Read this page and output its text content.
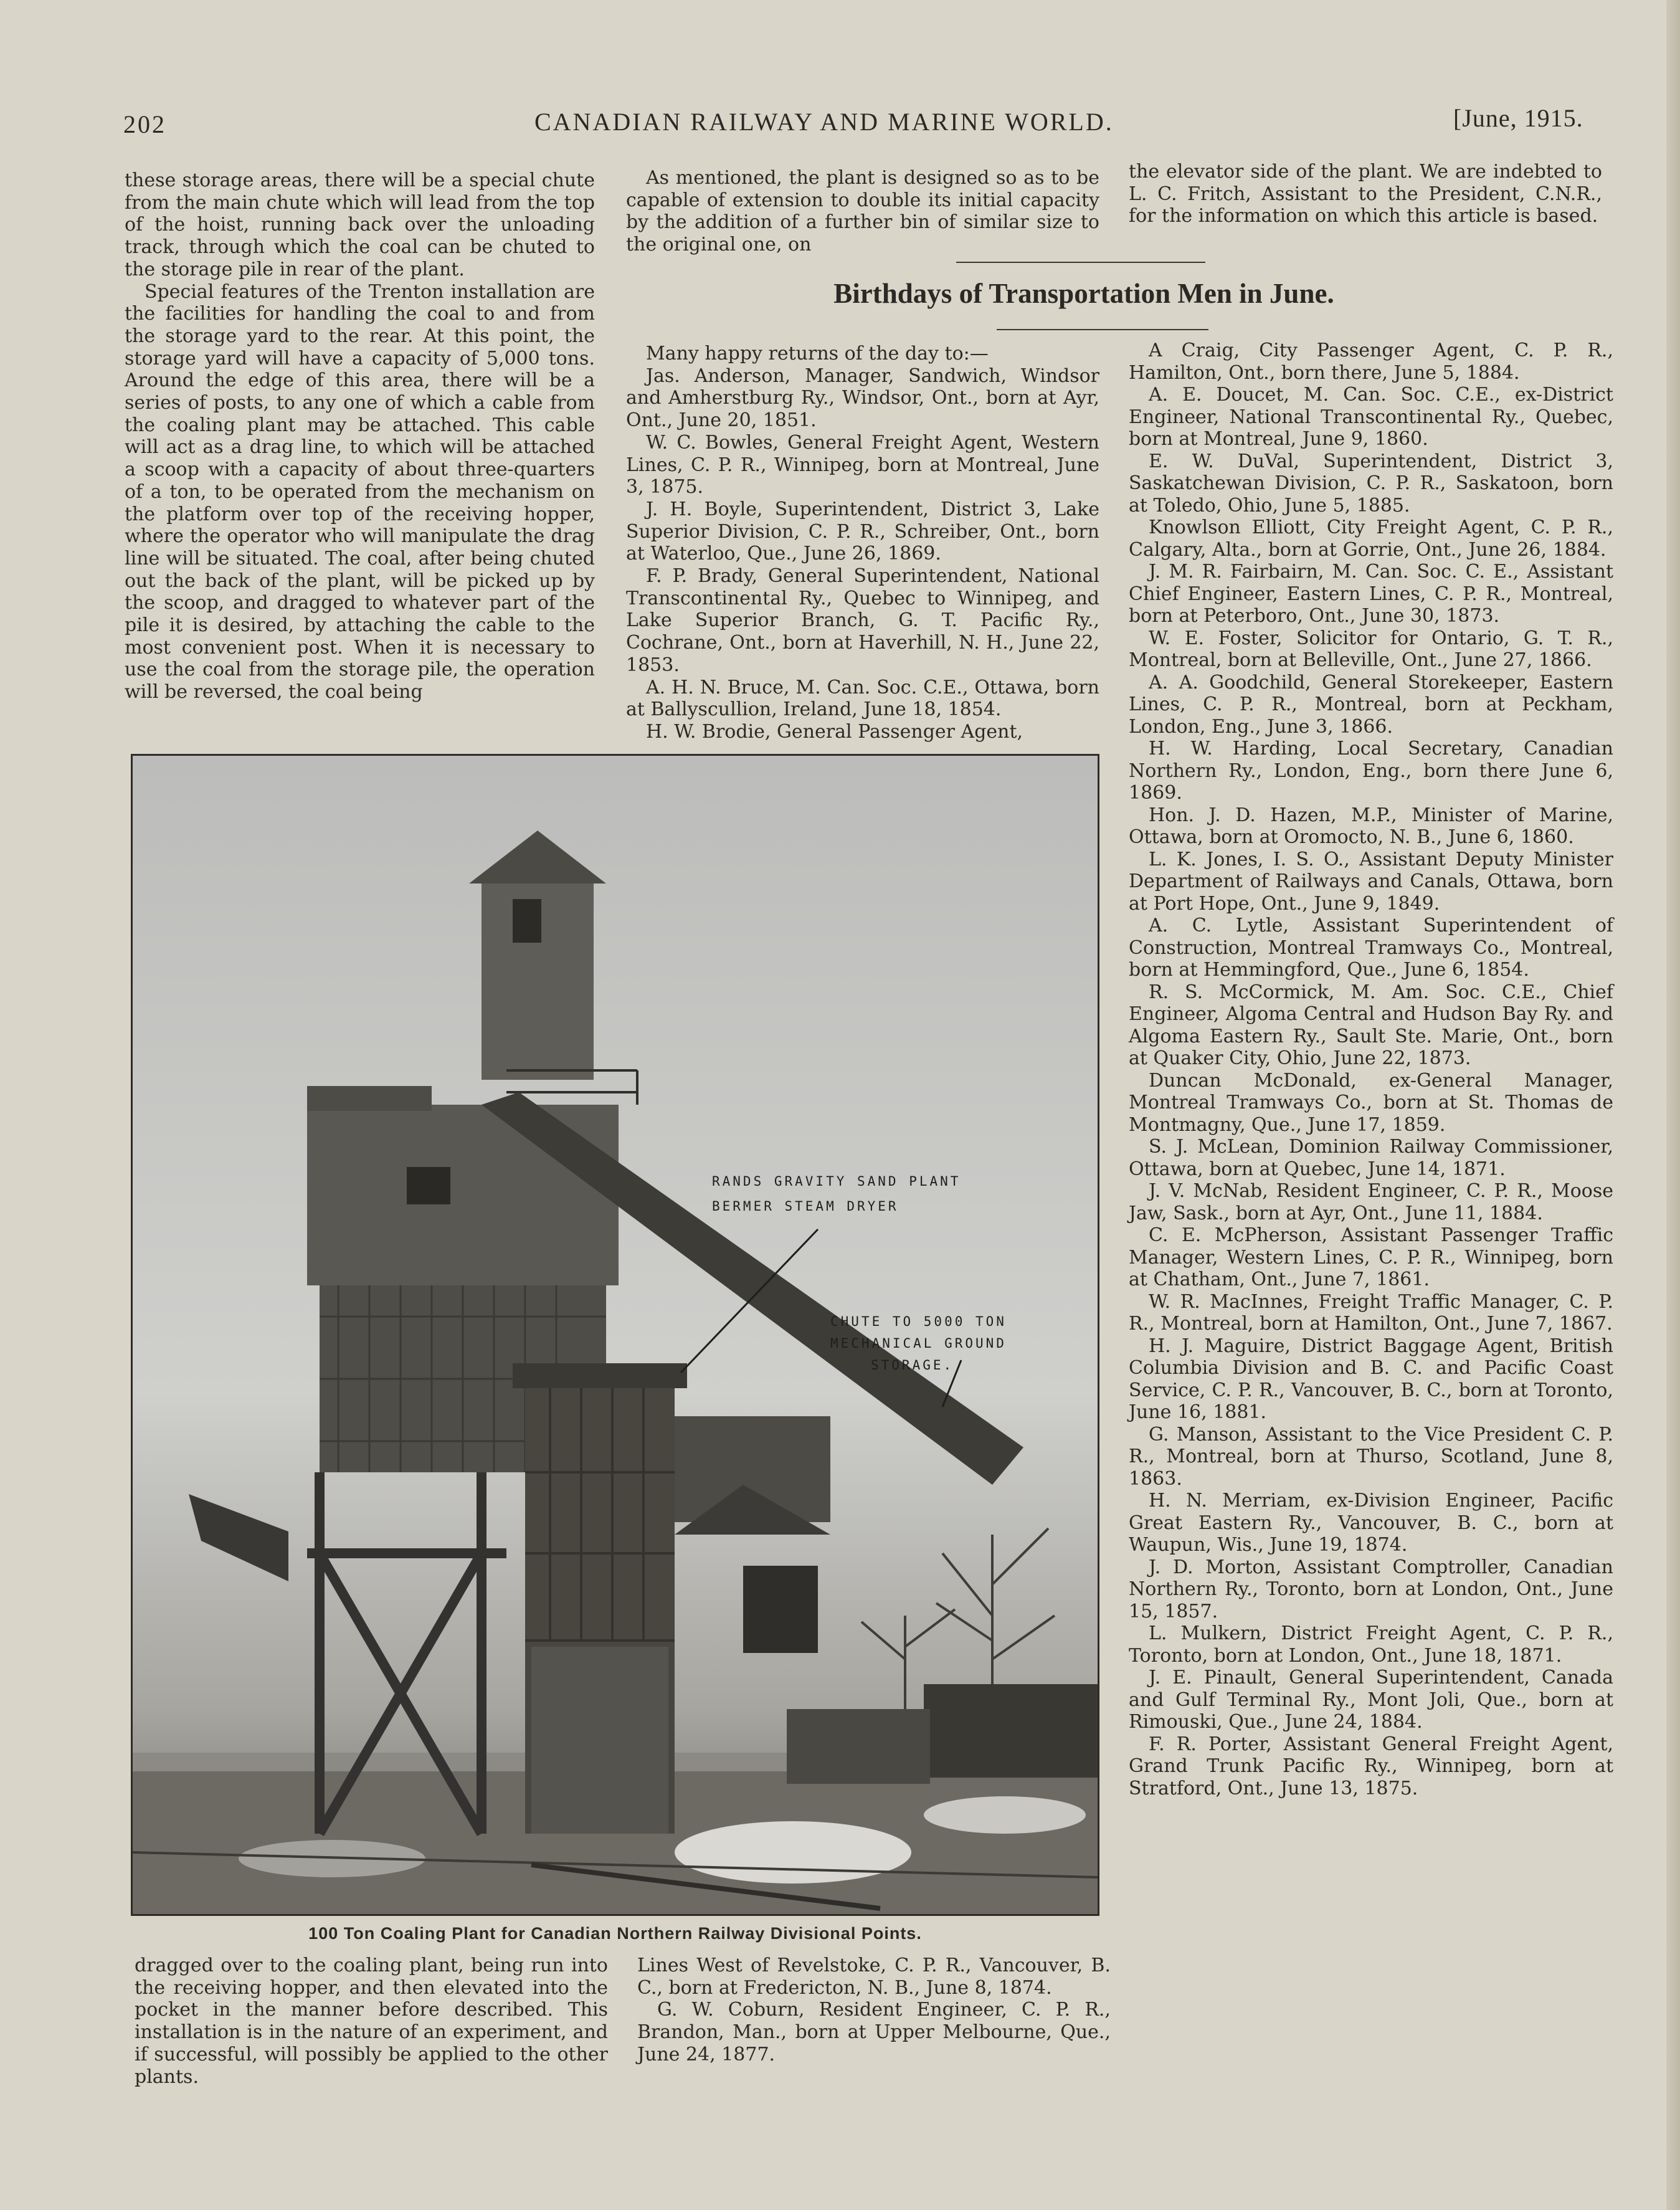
202	CANADIAN RAILWAY AND MARINE WORLD.	[June, 1915.

these storage areas, there will be a special chute from the main chute which will lead from the top of the hoist, running back over the unloading track, through which the coal can be chuted to the storage pile in rear of the plant.

Special features of the Trenton installation are the facilities for handling the coal to and from the storage yard to the rear. At this point, the storage yard will have a capacity of 5,000 tons. Around the edge of this area, there will be a series of posts, to any one of which a cable from the coaling plant may be attached. This cable will act as a drag line, to which will be attached a scoop with a capacity of about three-quarters of a ton, to be operated from the mechanism on the platform over top of the receiving hopper, where the operator who will manipulate the drag line will be situated. The coal, after being chuted out the back of the plant, will be picked up by the scoop, and dragged to whatever part of the pile it is desired, by attaching the cable to the most convenient post. When it is necessary to use the coal from the storage pile, the operation will be reversed, the coal being

As mentioned, the plant is designed so as to be capable of extension to double its initial capacity by the addition of a further bin of similar size to the original one, on

the elevator side of the plant. We are indebted to L. C. Fritch, Assistant to the President, C.N.R., for the information on which this article is based.

Birthdays of Transportation Men in June.

Many happy returns of the day to:—

Jas. Anderson, Manager, Sandwich, Windsor and Amherstburg Ry., Windsor, Ont., born at Ayr, Ont., June 20, 1851.

W. C. Bowles, General Freight Agent, Western Lines, C. P. R., Winnipeg, born at Montreal, June 3, 1875.

J. H. Boyle, Superintendent, District 3, Lake Superior Division, C. P. R., Schreiber, Ont., born at Waterloo, Que., June 26, 1869.

F. P. Brady, General Superintendent, National Transcontinental Ry., Quebec to Winnipeg, and Lake Superior Branch, G. T. Pacific Ry., Cochrane, Ont., born at Haverhill, N. H., June 22, 1853.

A. H. N. Bruce, M. Can. Soc. C.E., Ottawa, born at Ballyscullion, Ireland, June 18, 1854.

H. W. Brodie, General Passenger Agent,

A Craig, City Passenger Agent, C. P. R., Hamilton, Ont., born there, June 5, 1884.

A. E. Doucet, M. Can. Soc. C.E., ex-District Engineer, National Transcontinental Ry., Quebec, born at Montreal, June 9, 1860.

E. W. DuVal, Superintendent, District 3, Saskatchewan Division, C. P. R., Saskatoon, born at Toledo, Ohio, June 5, 1885.

Knowlson Elliott, City Freight Agent, C. P. R., Calgary, Alta., born at Gorrie, Ont., June 26, 1884.

J. M. R. Fairbairn, M. Can. Soc. C. E., Assistant Chief Engineer, Eastern Lines, C. P. R., Montreal, born at Peterboro, Ont., June 30, 1873.

W. E. Foster, Solicitor for Ontario, G. T. R., Montreal, born at Belleville, Ont., June 27, 1866.

A. A. Goodchild, General Storekeeper, Eastern Lines, C. P. R., Montreal, born at Peckham, London, Eng., June 3, 1866.

H. W. Harding, Local Secretary, Canadian Northern Ry., London, Eng., born there June 6, 1869.

Hon. J. D. Hazen, M.P., Minister of Marine, Ottawa, born at Oromocto, N. B., June 6, 1860.

L. K. Jones, I. S. O., Assistant Deputy Minister Department of Railways and Canals, Ottawa, born at Port Hope, Ont., June 9, 1849.

A. C. Lytle, Assistant Superintendent of Construction, Montreal Tramways Co., Montreal, born at Hemmingford, Que., June 6, 1854.

R. S. McCormick, M. Am. Soc. C.E., Chief Engineer, Algoma Central and Hudson Bay Ry. and Algoma Eastern Ry., Sault Ste. Marie, Ont., born at Quaker City, Ohio, June 22, 1873.

Duncan McDonald, ex-General Manager, Montreal Tramways Co., born at St. Thomas de Montmagny, Que., June 17, 1859.

S. J. McLean, Dominion Railway Commissioner, Ottawa, born at Quebec, June 14, 1871.

J. V. McNab, Resident Engineer, C. P. R., Moose Jaw, Sask., born at Ayr, Ont., June 11, 1884.

C. E. McPherson, Assistant Passenger Traffic Manager, Western Lines, C. P. R., Winnipeg, born at Chatham, Ont., June 7, 1861.

W. R. MacInnes, Freight Traffic Manager, C. P. R., Montreal, born at Hamilton, Ont., June 7, 1867.

H. J. Maguire, District Baggage Agent, British Columbia Division and B. C. and Pacific Coast Service, C. P. R., Vancouver, B. C., born at Toronto, June 16, 1881.

G. Manson, Assistant to the Vice President C. P. R., Montreal, born at Thurso, Scotland, June 8, 1863.

H. N. Merriam, ex-Division Engineer, Pacific Great Eastern Ry., Vancouver, B. C., born at Waupun, Wis., June 19, 1874.

J. D. Morton, Assistant Comptroller, Canadian Northern Ry., Toronto, born at London, Ont., June 15, 1857.

L. Mulkern, District Freight Agent, C. P. R., Toronto, born at London, Ont., June 18, 1871.

J. E. Pinault, General Superintendent, Canada and Gulf Terminal Ry., Mont Joli, Que., born at Rimouski, Que., June 24, 1884.

F. R. Porter, Assistant General Freight Agent, Grand Trunk Pacific Ry., Winnipeg, born at Stratford, Ont., June 13, 1875.

RANDS GRAVITY SAND PLANT
BERMER STEAM DRYER
CHUTE TO 5000 TON
MECHANICAL GROUND
STORAGE.
100 Ton Coaling Plant for Canadian Northern Railway Divisional Points.

dragged over to the coaling plant, being run into the receiving hopper, and then elevated into the pocket in the manner before described. This installation is in the nature of an experiment, and if successful, will possibly be applied to the other plants.

Lines West of Revelstoke, C. P. R., Vancouver, B. C., born at Fredericton, N. B., June 8, 1874.

G. W. Coburn, Resident Engineer, C. P. R., Brandon, Man., born at Upper Melbourne, Que., June 24, 1877.
